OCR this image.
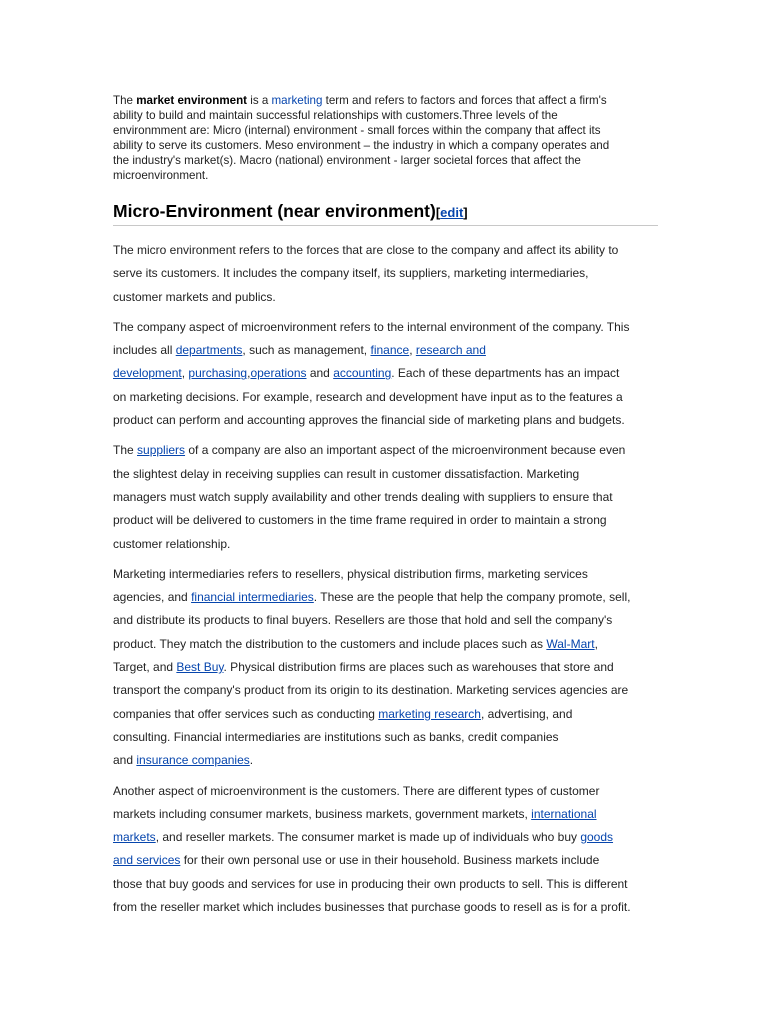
The market environment is a marketing term and refers to factors and forces that affect a firm's
ability to build and maintain successful relationships with customers.Three levels of the
environmment are: Micro (internal) environment - small forces within the company that affect its
ability to serve its customers. Meso environment – the industry in which a company operates and
the industry's market(s). Macro (national) environment - larger societal forces that affect the
microenvironment.

Micro-Environment (near environment)[edit]

The micro environment refers to the forces that are close to the company and affect its ability to
serve its customers. It includes the company itself, its suppliers, marketing intermediaries,
customer markets and publics.

The company aspect of microenvironment refers to the internal environment of the company. This
includes all departments, such as management, finance, research and
development, purchasing,operations and accounting. Each of these departments has an impact
on marketing decisions. For example, research and development have input as to the features a
product can perform and accounting approves the financial side of marketing plans and budgets.

The suppliers of a company are also an important aspect of the microenvironment because even
the slightest delay in receiving supplies can result in customer dissatisfaction. Marketing
managers must watch supply availability and other trends dealing with suppliers to ensure that
product will be delivered to customers in the time frame required in order to maintain a strong
customer relationship.

Marketing intermediaries refers to resellers, physical distribution firms, marketing services
agencies, and financial intermediaries. These are the people that help the company promote, sell,
and distribute its products to final buyers. Resellers are those that hold and sell the company's
product. They match the distribution to the customers and include places such as Wal-Mart,
Target, and Best Buy. Physical distribution firms are places such as warehouses that store and
transport the company's product from its origin to its destination. Marketing services agencies are
companies that offer services such as conducting marketing research, advertising, and
consulting. Financial intermediaries are institutions such as banks, credit companies
and insurance companies.

Another aspect of microenvironment is the customers. There are different types of customer
markets including consumer markets, business markets, government markets, international
markets, and reseller markets. The consumer market is made up of individuals who buy goods
and services for their own personal use or use in their household. Business markets include
those that buy goods and services for use in producing their own products to sell. This is different
from the reseller market which includes businesses that purchase goods to resell as is for a profit.
